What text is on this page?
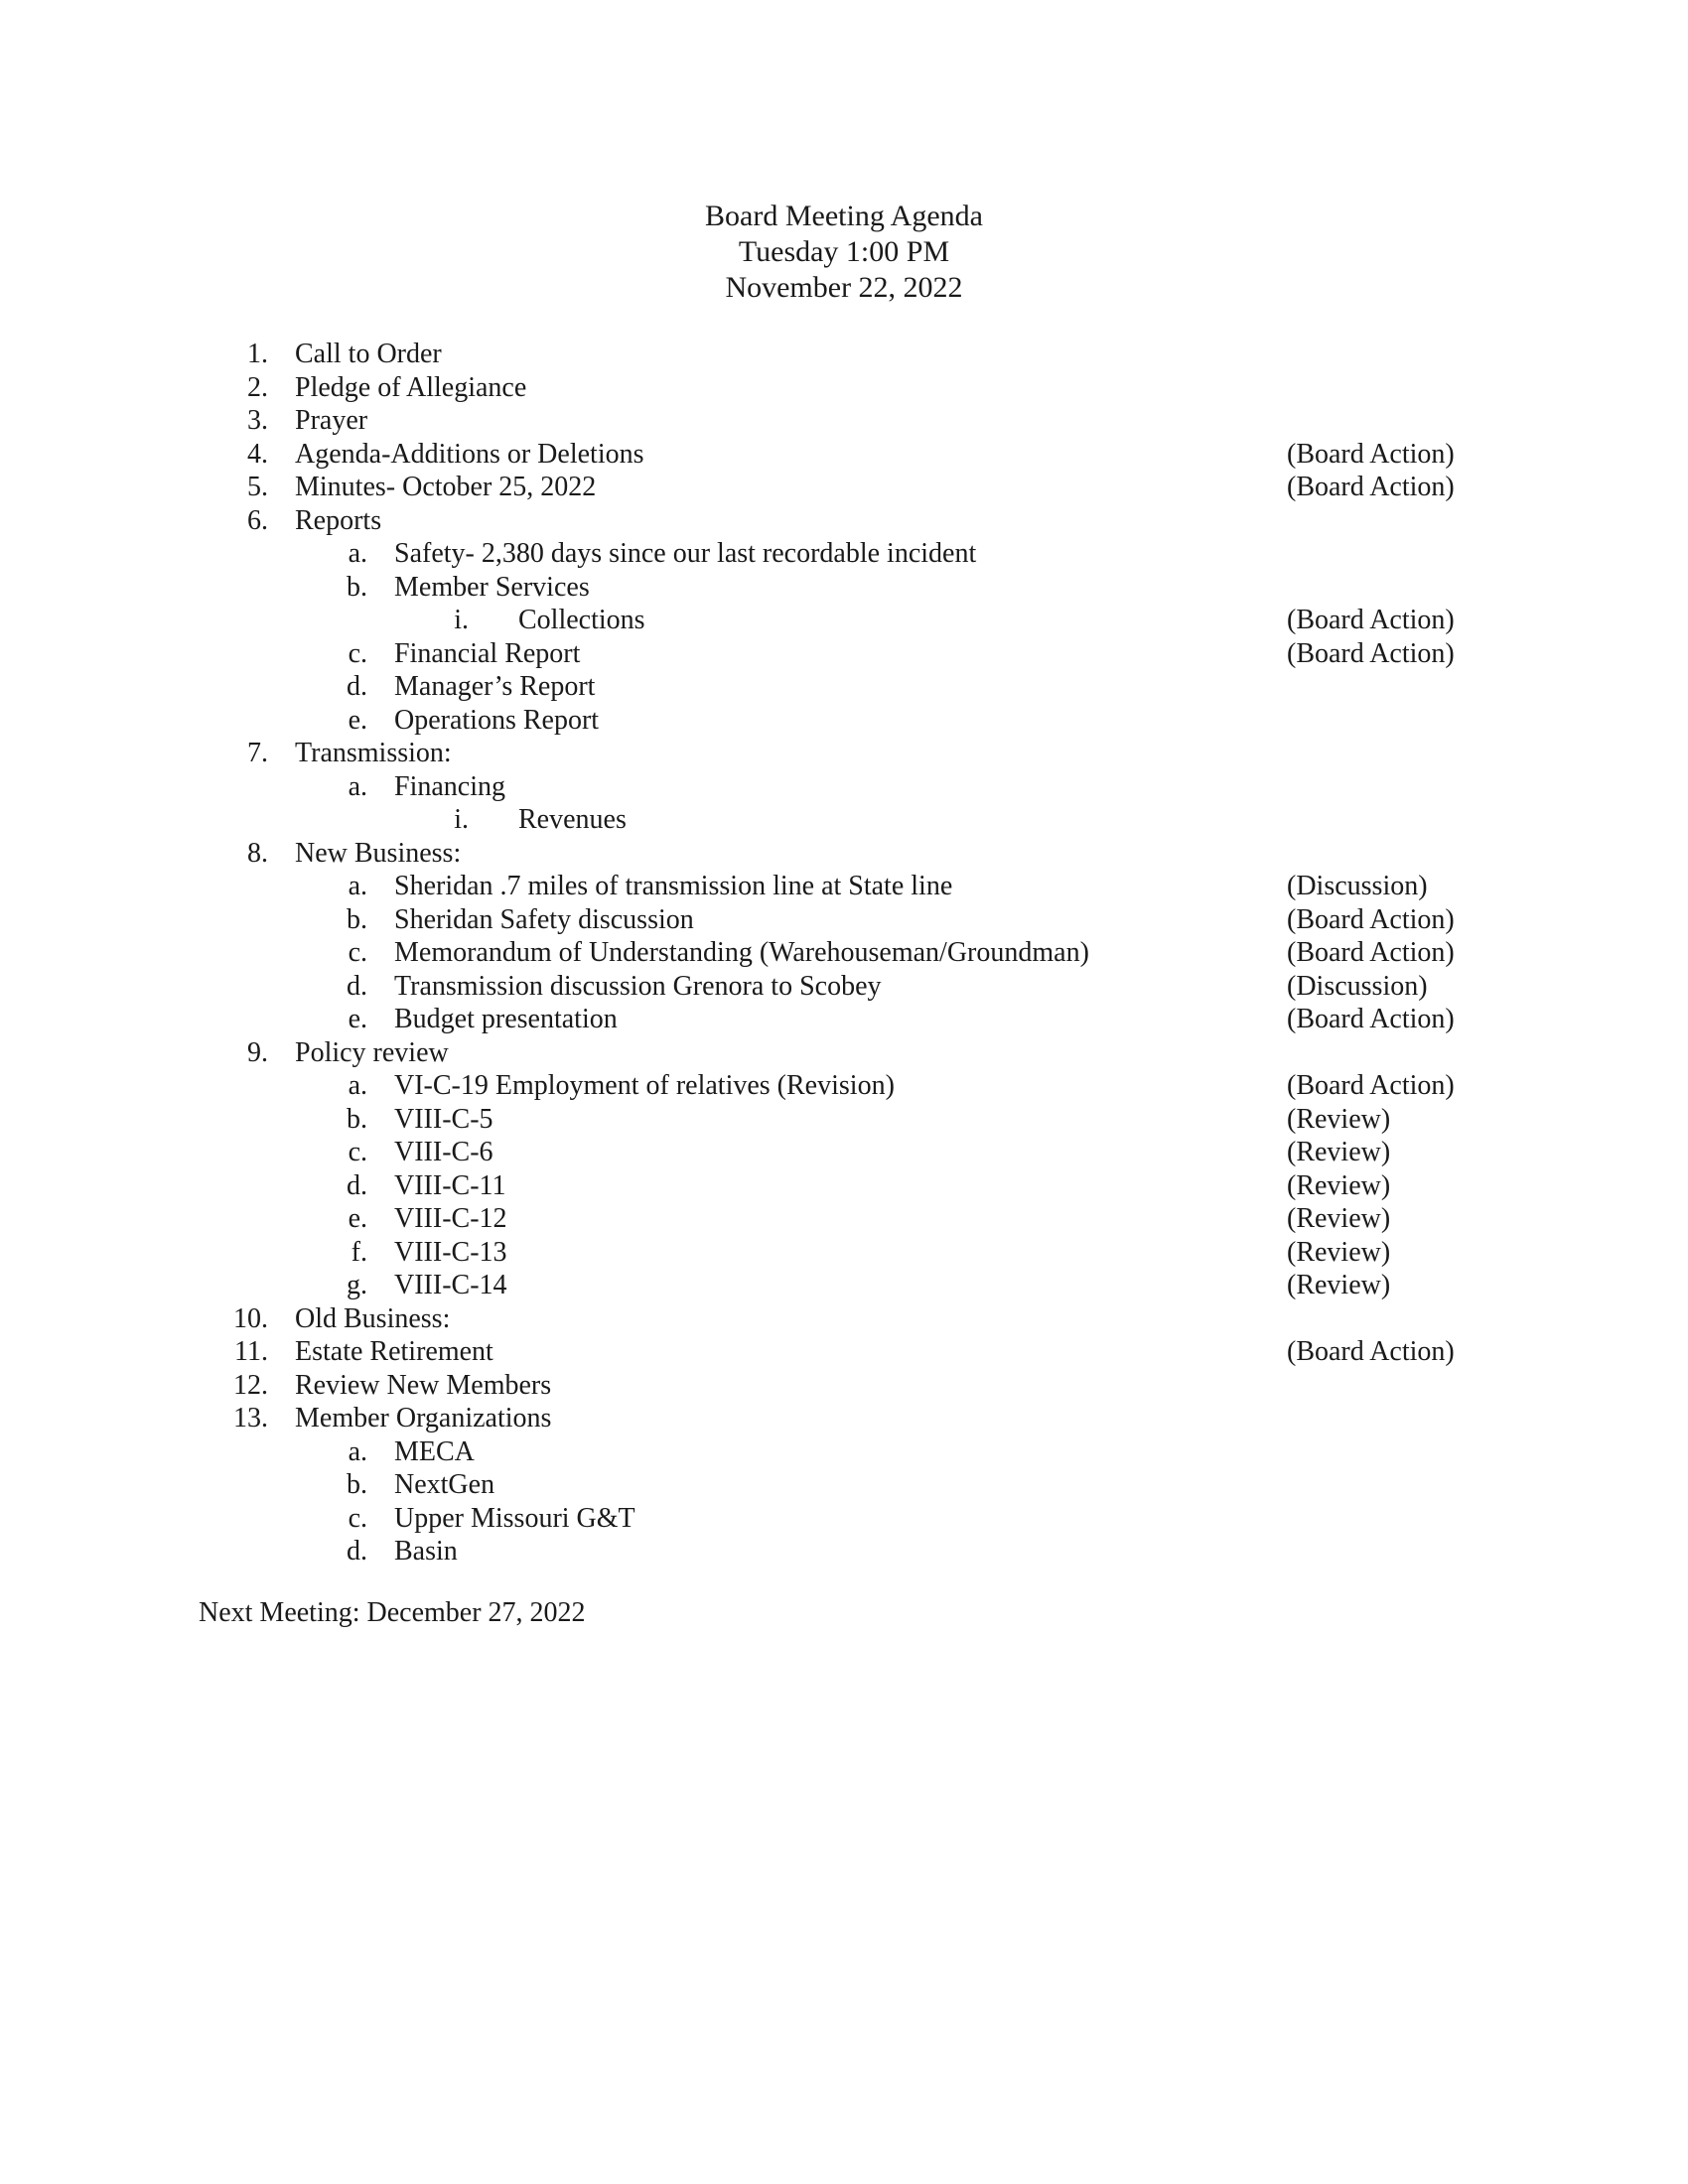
Board Meeting Agenda
Tuesday 1:00 PM
November 22, 2022
1. Call to Order
2. Pledge of Allegiance
3. Prayer
4. Agenda-Additions or Deletions	(Board Action)
5. Minutes- October 25, 2022	(Board Action)
6. Reports
a. Safety- 2,380 days since our last recordable incident
b. Member Services
i. Collections	(Board Action)
c. Financial Report	(Board Action)
d. Manager’s Report
e. Operations Report
7. Transmission:
a. Financing
i. Revenues
8. New Business:
a. Sheridan .7 miles of transmission line at State line	(Discussion)
b. Sheridan Safety discussion	(Board Action)
c. Memorandum of Understanding (Warehouseman/Groundman)	(Board Action)
d. Transmission discussion Grenora to Scobey	(Discussion)
e. Budget presentation	(Board Action)
9. Policy review
a. VI-C-19 Employment of relatives (Revision)	(Board Action)
b. VIII-C-5	(Review)
c. VIII-C-6	(Review)
d. VIII-C-11	(Review)
e. VIII-C-12	(Review)
f. VIII-C-13	(Review)
g. VIII-C-14	(Review)
10. Old Business:
11. Estate Retirement	(Board Action)
12. Review New Members
13. Member Organizations
a. MECA
b. NextGen
c. Upper Missouri G&T
d. Basin
Next Meeting: December 27, 2022
